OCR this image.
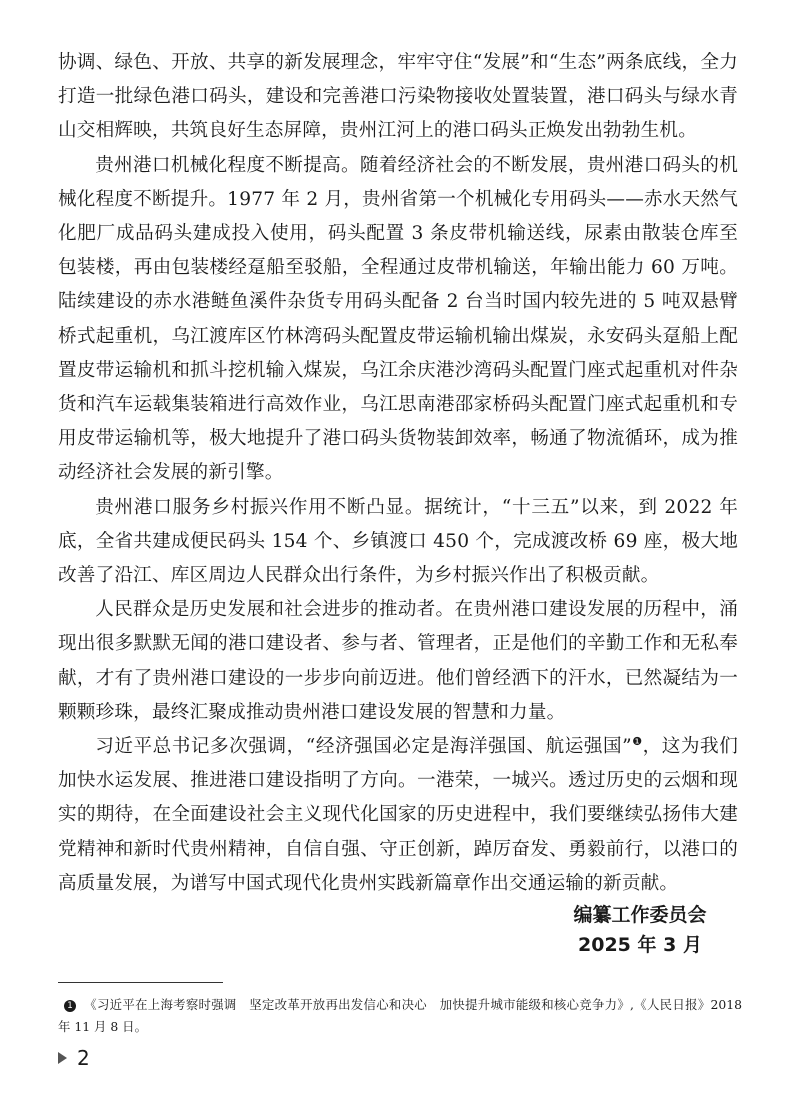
协调、绿色、开放、共享的新发展理念，牢牢守住“发展”和“生态”两条底线，全力打造一批绿色港口码头，建设和完善港口污染物接收处置装置，港口码头与绿水青山交相辉映，共筑良好生态屏障，贵州江河上的港口码头正焕发出勃勃生机。

贵州港口机械化程度不断提高。随着经济社会的不断发展，贵州港口码头的机械化程度不断提升。1977 年 2 月，贵州省第一个机械化专用码头——赤水天然气化肥厂成品码头建成投入使用，码头配置 3 条皮带机输送线，尿素由散装仓库至包装楼，再由包装楼经趸船至驳船，全程通过皮带机输送，年输出能力 60 万吨。陆续建设的赤水港鲢鱼溪件杂货专用码头配备 2 台当时国内较先进的 5 吨双悬臂桥式起重机，乌江渡库区竹林湾码头配置皮带运输机输出煤炭，永安码头趸船上配置皮带运输机和抓斗挖机输入煤炭，乌江余庆港沙湾码头配置门座式起重机对件杂货和汽车运载集装箱进行高效作业，乌江思南港邵家桥码头配置门座式起重机和专用皮带运输机等，极大地提升了港口码头货物装卸效率，畅通了物流循环，成为推动经济社会发展的新引擎。

贵州港口服务乡村振兴作用不断凸显。据统计，“十三五”以来，到 2022 年底，全省共建成便民码头 154 个、乡镇渡口 450 个，完成渡改桥 69 座，极大地改善了沿江、库区周边人民群众出行条件，为乡村振兴作出了积极贡献。

人民群众是历史发展和社会进步的推动者。在贵州港口建设发展的历程中，涌现出很多默默无闻的港口建设者、参与者、管理者，正是他们的辛勤工作和无私奉献，才有了贵州港口建设的一步步向前迈进。他们曾经洒下的汗水，已然凝结为一颗颗珍珠，最终汇聚成推动贵州港口建设发展的智慧和力量。

习近平总书记多次强调，“经济强国必定是海洋强国、航运强国”$^❶$，这为我们加快水运发展、推进港口建设指明了方向。一港荣，一城兴。透过历史的云烟和现实的期待，在全面建设社会主义现代化国家的历史进程中，我们要继续弘扬伟大建党精神和新时代贵州精神，自信自强、守正创新，踔厉奋发、勇毅前行，以港口的高质量发展，为谱写中国式现代化贵州实践新篇章作出交通运输的新贡献。

编纂工作委员会
2025 年 3 月
1 《习近平在上海考察时强调　坚定改革开放再出发信心和决心　加快提升城市能级和核心竞争力》,《人民日报》2018 年 11 月 8 日。
2
